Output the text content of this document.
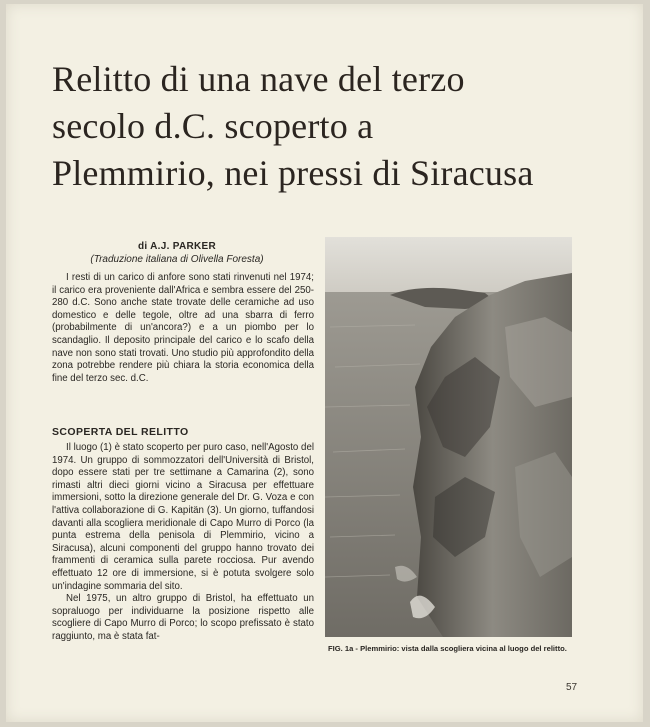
Relitto di una nave del terzo
secolo d.C. scoperto a
Plemmirio, nei pressi di Siracusa
di A.J. PARKER
(Traduzione italiana di Olivella Foresta)

I resti di un carico di anfore sono stati rinvenuti nel 1974; il carico era proveniente dall'Africa e sembra essere del 250-280 d.C. Sono anche state trovate delle ceramiche ad uso domestico e delle tegole, oltre ad una sbarra di ferro (probabilmente di un'ancora?) e a un piombo per lo scandaglio. Il deposito principale del carico e lo scafo della nave non sono stati trovati. Uno studio più approfondito della zona potrebbe rendere più chiara la storia economica della fine del terzo sec. d.C.

SCOPERTA DEL RELITTO

Il luogo (1) è stato scoperto per puro caso, nell'Agosto del 1974. Un gruppo di sommozzatori dell'Università di Bristol, dopo essere stati per tre settimane a Camarina (2), sono rimasti altri dieci giorni vicino a Siracusa per effettuare immersioni, sotto la direzione generale del Dr. G. Voza e con l'attiva collaborazione di G. Kapitän (3). Un giorno, tuffandosi davanti alla scogliera meridionale di Capo Murro di Porco (la punta estrema della penisola di Plemmirio, vicino a Siracusa), alcuni componenti del gruppo hanno trovato dei frammenti di ceramica sulla parete rocciosa. Pur avendo effettuato 12 ore di immersione, si è potuta svolgere solo un'indagine sommaria del sito.

Nel 1975, un altro gruppo di Bristol, ha effettuato un sopraluogo per individuarne la posizione rispetto alle scogliere di Capo Murro di Porco; lo scopo prefissato è stato raggiunto, ma è stata fat-

FIG. 1a - Plemmirio: vista dalla scogliera vicina al luogo del relitto.

57
